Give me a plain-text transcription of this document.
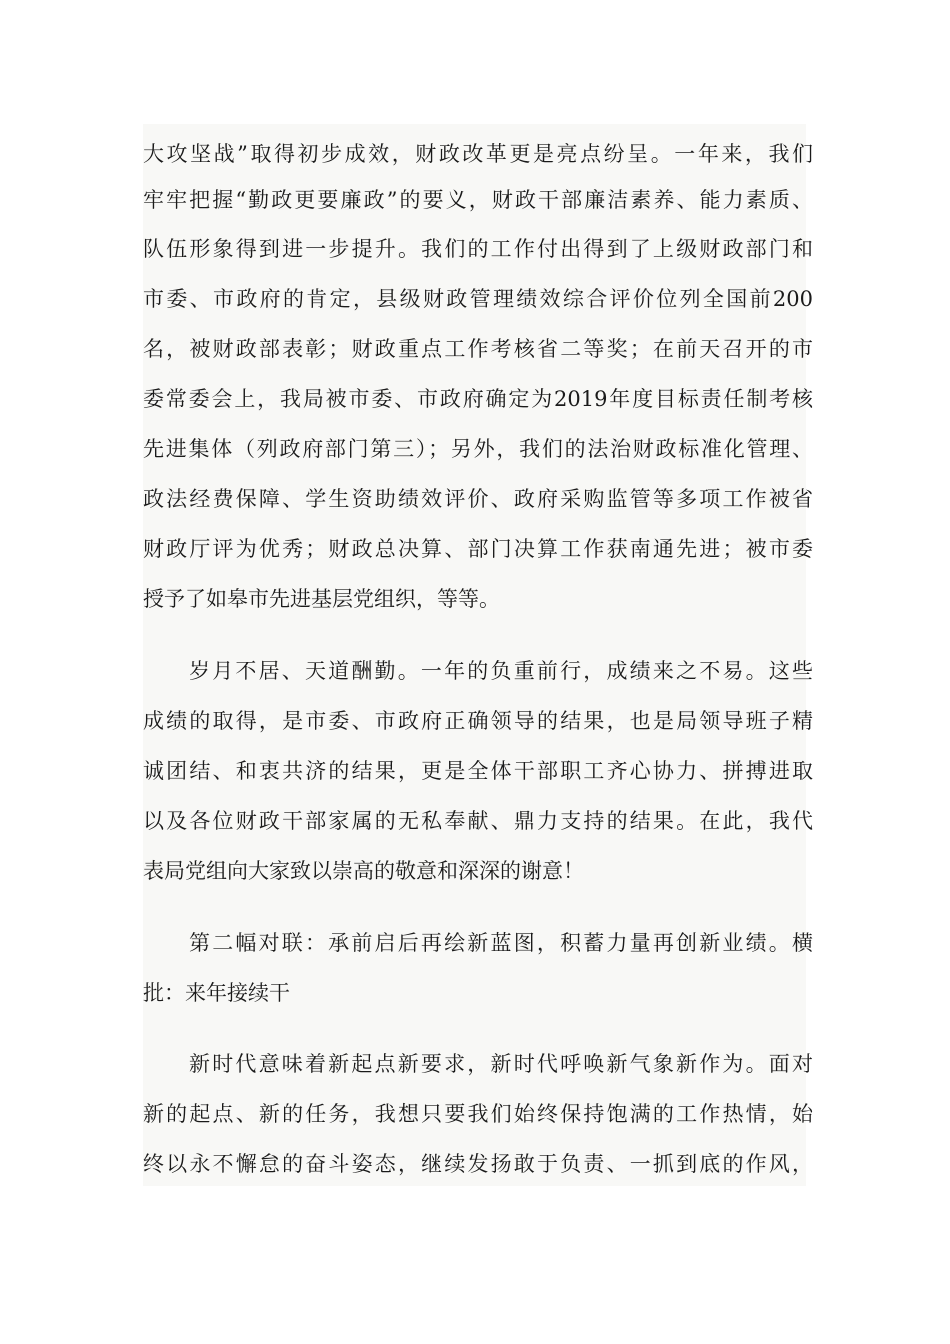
大攻坚战”取得初步成效，财政改革更是亮点纷呈。一年来，我们
牢牢把握“勤政更要廉政”的要义，财政干部廉洁素养、能力素质、
队伍形象得到进一步提升。我们的工作付出得到了上级财政部门和
市委、市政府的肯定，县级财政管理绩效综合评价位列全国前200
名，被财政部表彰；财政重点工作考核省二等奖；在前天召开的市
委常委会上，我局被市委、市政府确定为2019年度目标责任制考核
先进集体（列政府部门第三）；另外，我们的法治财政标准化管理、
政法经费保障、学生资助绩效评价、政府采购监管等多项工作被省
财政厅评为优秀；财政总决算、部门决算工作获南通先进；被市委
授予了如皋市先进基层党组织，等等。
岁月不居、天道酬勤。一年的负重前行，成绩来之不易。这些
成绩的取得，是市委、市政府正确领导的结果，也是局领导班子精
诚团结、和衷共济的结果，更是全体干部职工齐心协力、拼搏进取
以及各位财政干部家属的无私奉献、鼎力支持的结果。在此，我代
表局党组向大家致以崇高的敬意和深深的谢意！
第二幅对联：承前启后再绘新蓝图，积蓄力量再创新业绩。横
批：来年接续干
新时代意味着新起点新要求，新时代呼唤新气象新作为。面对
新的起点、新的任务，我想只要我们始终保持饱满的工作热情，始
终以永不懈怠的奋斗姿态，继续发扬敢于负责、一抓到底的作风，
